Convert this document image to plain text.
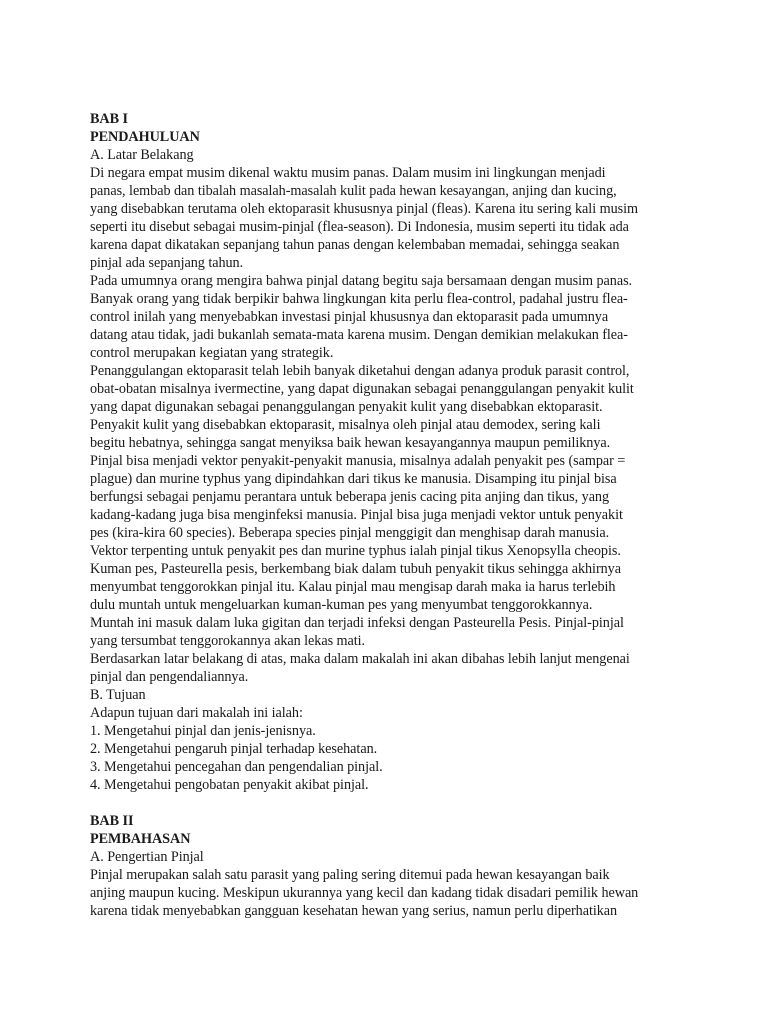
BAB I
PENDAHULUAN
A. Latar Belakang
Di negara empat musim dikenal waktu musim panas. Dalam musim ini lingkungan menjadi
panas, lembab dan tibalah masalah-masalah kulit pada hewan kesayangan, anjing dan kucing,
yang disebabkan terutama oleh ektoparasit khususnya pinjal (fleas). Karena itu sering kali musim
seperti itu disebut sebagai musim-pinjal (flea-season). Di Indonesia, musim seperti itu tidak ada
karena dapat dikatakan sepanjang tahun panas dengan kelembaban memadai, sehingga seakan
pinjal ada sepanjang tahun.
Pada umumnya orang mengira bahwa pinjal datang begitu saja bersamaan dengan musim panas.
Banyak orang yang tidak berpikir bahwa lingkungan kita perlu flea-control, padahal justru flea-
control inilah yang menyebabkan investasi pinjal khususnya dan ektoparasit pada umumnya
datang atau tidak, jadi bukanlah semata-mata karena musim. Dengan demikian melakukan flea-
control merupakan kegiatan yang strategik.
Penanggulangan ektoparasit telah lebih banyak diketahui dengan adanya produk parasit control,
obat-obatan misalnya ivermectine, yang dapat digunakan sebagai penanggulangan penyakit kulit
yang dapat digunakan sebagai penanggulangan penyakit kulit yang disebabkan ektoparasit.
Penyakit kulit yang disebabkan ektoparasit, misalnya oleh pinjal atau demodex, sering kali
begitu hebatnya, sehingga sangat menyiksa baik hewan kesayangannya maupun pemiliknya.
Pinjal bisa menjadi vektor penyakit-penyakit manusia, misalnya adalah penyakit pes (sampar =
plague) dan murine typhus yang dipindahkan dari tikus ke manusia. Disamping itu pinjal bisa
berfungsi sebagai penjamu perantara untuk beberapa jenis cacing pita anjing dan tikus, yang
kadang-kadang juga bisa menginfeksi manusia. Pinjal bisa juga menjadi vektor untuk penyakit
pes (kira-kira 60 species). Beberapa species pinjal menggigit dan menghisap darah manusia.
Vektor terpenting untuk penyakit pes dan murine typhus ialah pinjal tikus Xenopsylla cheopis.
Kuman pes, Pasteurella pesis, berkembang biak dalam tubuh penyakit tikus sehingga akhirnya
menyumbat tenggorokkan pinjal itu. Kalau pinjal mau mengisap darah maka ia harus terlebih
dulu muntah untuk mengeluarkan kuman-kuman pes yang menyumbat tenggorokkannya.
Muntah ini masuk dalam luka gigitan dan terjadi infeksi dengan Pasteurella Pesis. Pinjal-pinjal
yang tersumbat tenggorokannya akan lekas mati.
Berdasarkan latar belakang di atas, maka dalam makalah ini akan dibahas lebih lanjut mengenai
pinjal dan pengendaliannya.
B. Tujuan
Adapun tujuan dari makalah ini ialah:
1. Mengetahui pinjal dan jenis-jenisnya.
2. Mengetahui pengaruh pinjal terhadap kesehatan.
3. Mengetahui pencegahan dan pengendalian pinjal.
4. Mengetahui pengobatan penyakit akibat pinjal.
BAB II
PEMBAHASAN
A. Pengertian Pinjal
Pinjal merupakan salah satu parasit yang paling sering ditemui pada hewan kesayangan baik
anjing maupun kucing. Meskipun ukurannya yang kecil dan kadang tidak disadari pemilik hewan
karena tidak menyebabkan gangguan kesehatan hewan yang serius, namun perlu diperhatikan
